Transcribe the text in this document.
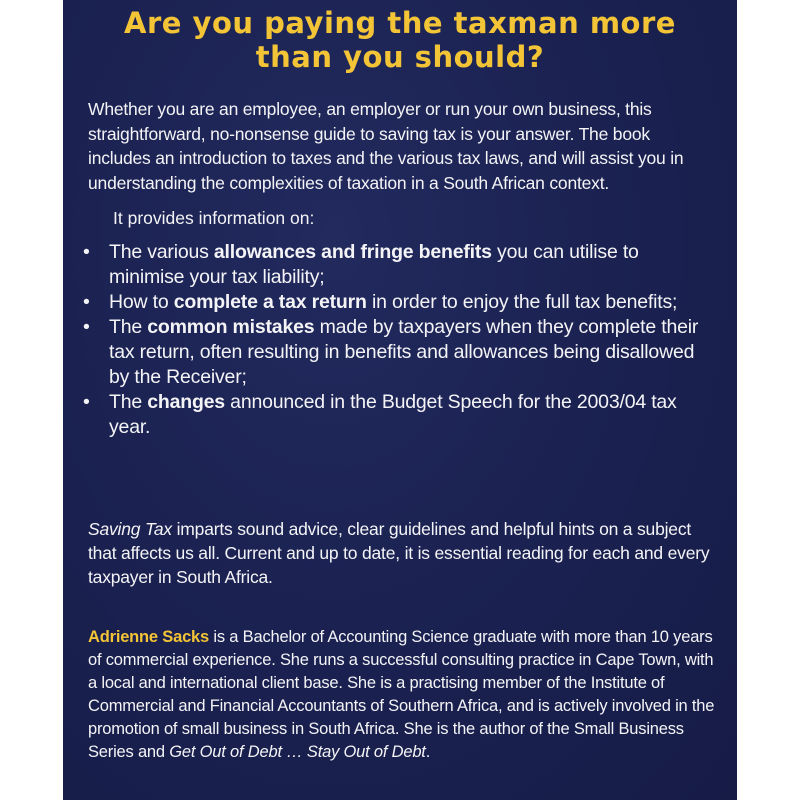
Are you paying the taxman more
than you should?

Whether you are an employee, an employer or run your own business, this straightforward, no-nonsense guide to saving tax is your answer. The book includes an introduction to taxes and the various tax laws, and will assist you in understanding the complexities of taxation in a South African context.

It provides information on:
• The various allowances and fringe benefits you can utilise to minimise your tax liability;
• How to complete a tax return in order to enjoy the full tax benefits;
• The common mistakes made by taxpayers when they complete their tax return, often resulting in benefits and allowances being disallowed by the Receiver;
• The changes announced in the Budget Speech for the 2003/04 tax year.

Saving Tax imparts sound advice, clear guidelines and helpful hints on a subject that affects us all. Current and up to date, it is essential reading for each and every taxpayer in South Africa.

Adrienne Sacks is a Bachelor of Accounting Science graduate with more than 10 years of commercial experience. She runs a successful consulting practice in Cape Town, with a local and international client base. She is a practising member of the Institute of Commercial and Financial Accountants of Southern Africa, and is actively involved in the promotion of small business in South Africa. She is the author of the Small Business Series and Get Out of Debt … Stay Out of Debt.
